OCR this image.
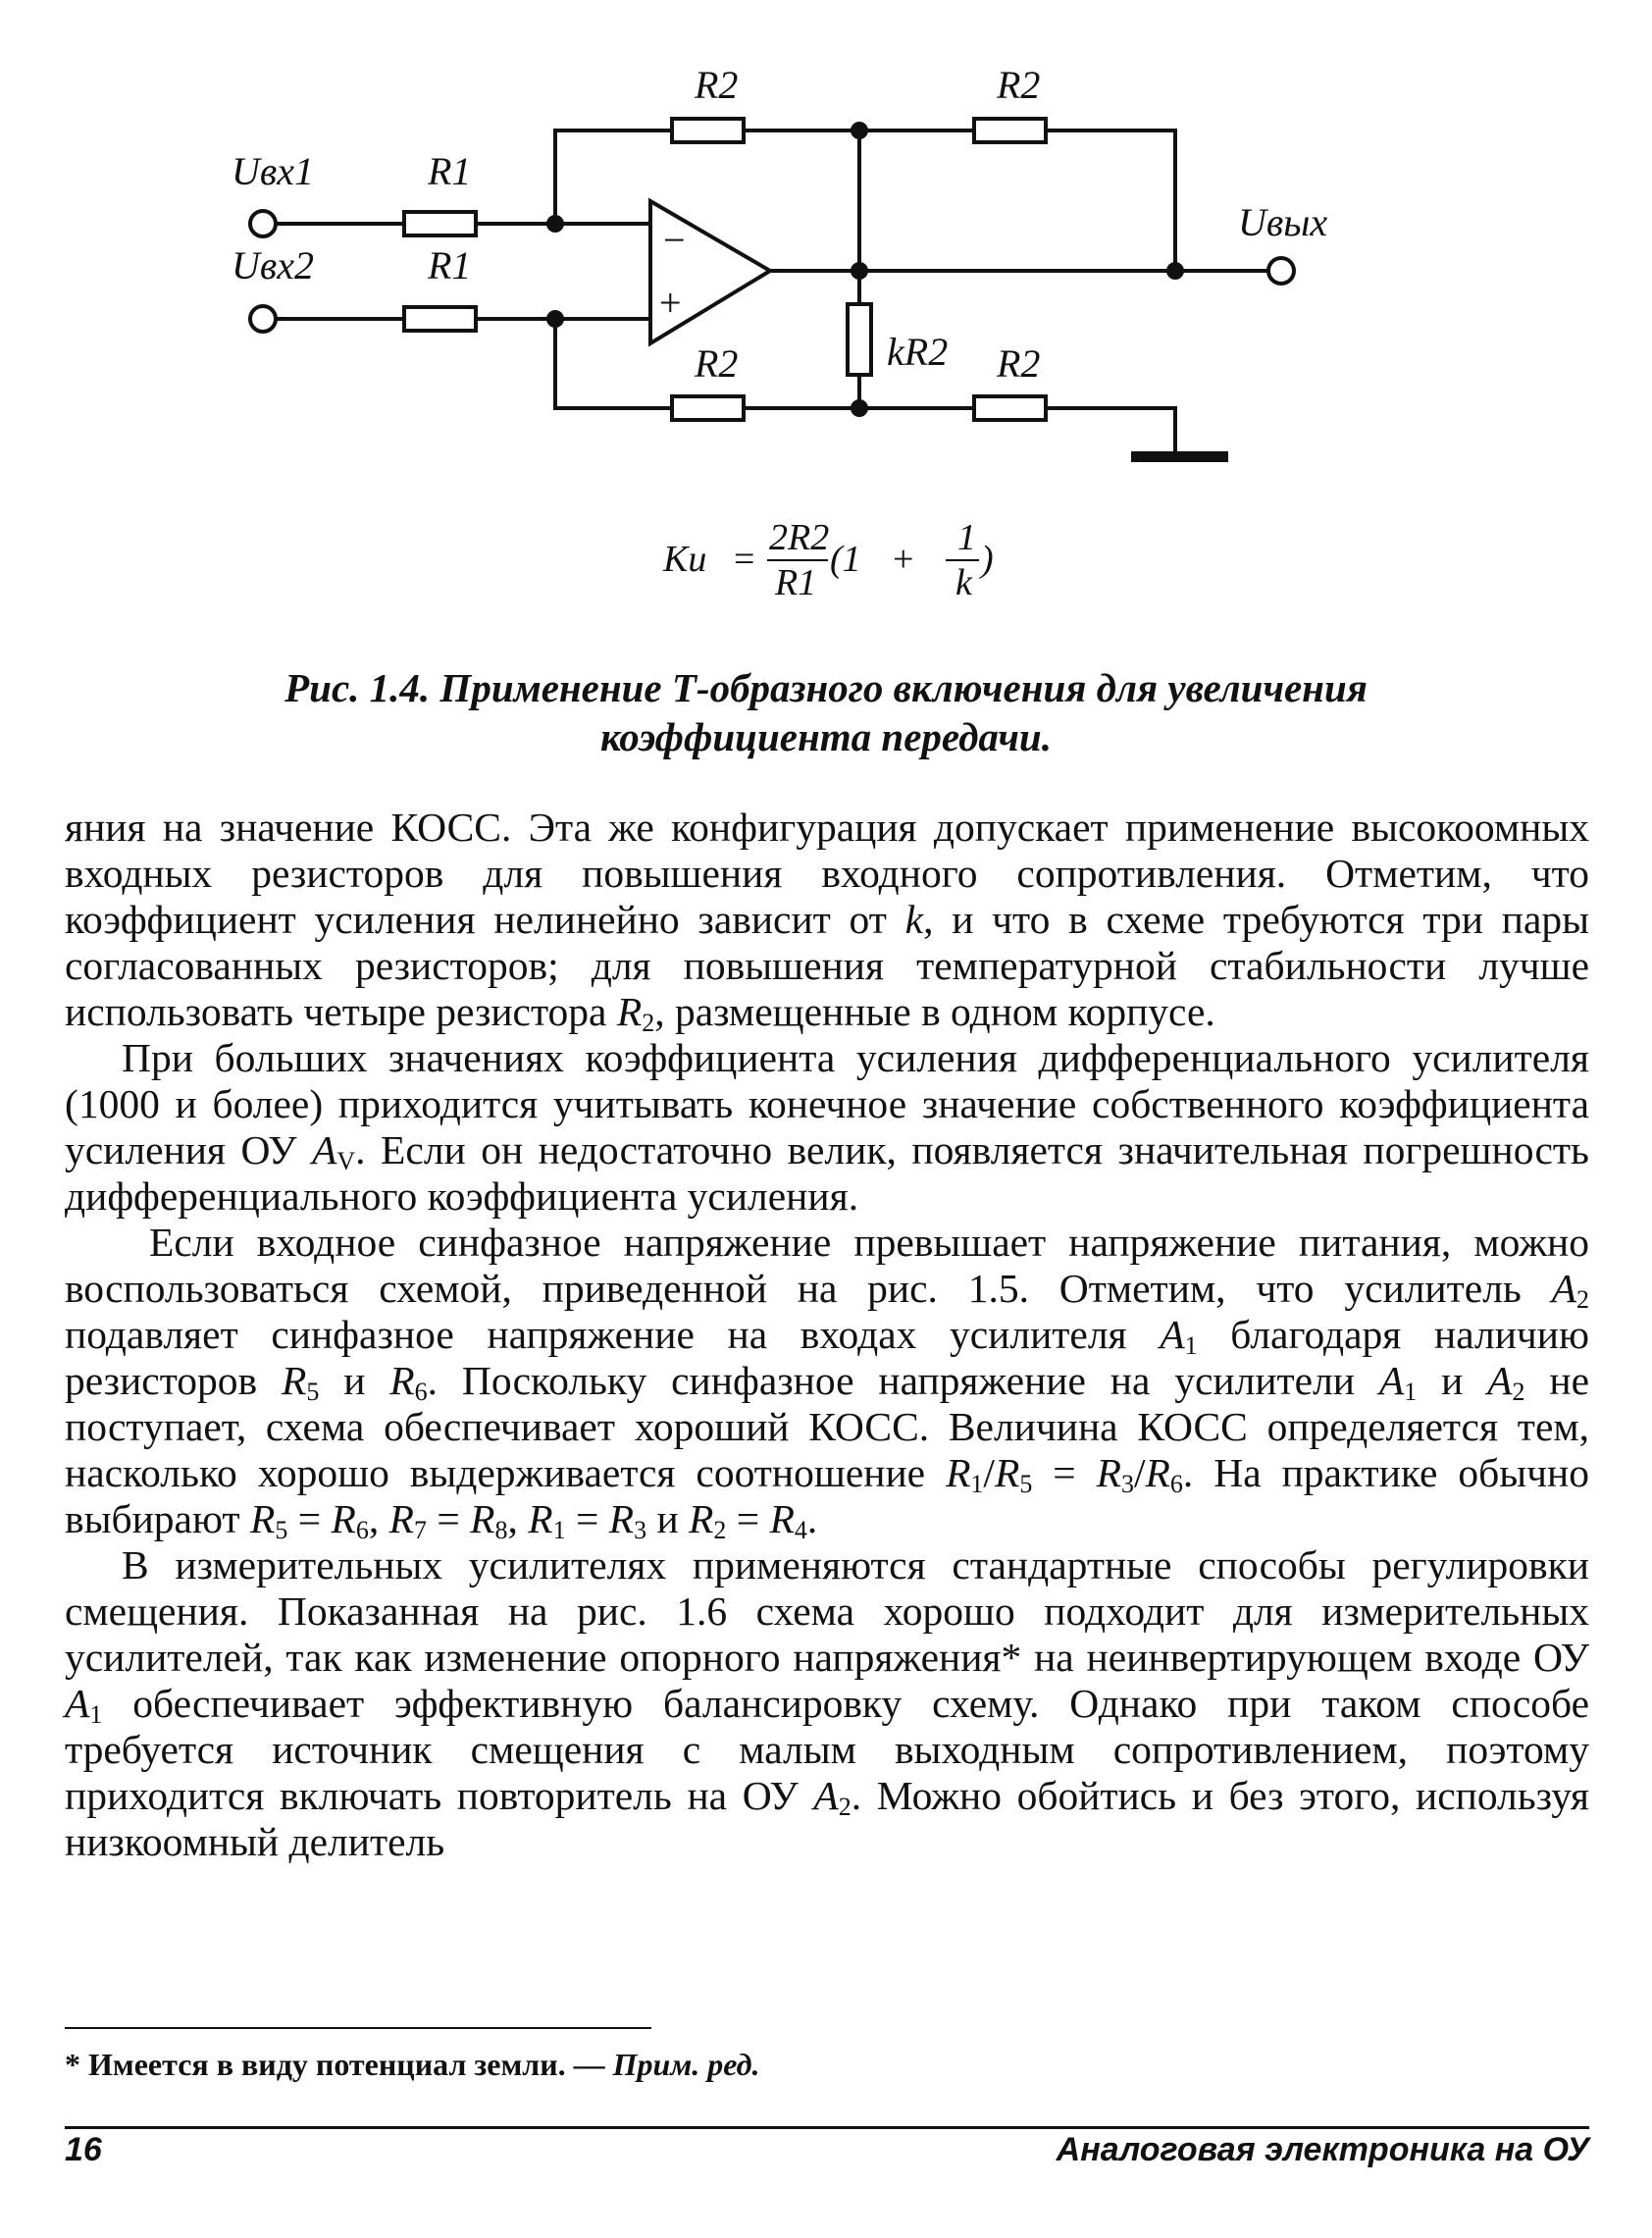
Uвx1
Uвx2
Uвых
R1
R1
R2	R2
R2	R2
kR2
−
+
Ku =
2R2
R1
(1 +
1
k
)
Рис. 1.4. Применение Т-образного включения для увеличения
коэффициента передачи.

яния на значение КОСС. Эта же конфигурация допускает применение высокоомных входных резисторов для повышения входного сопротивления. Отметим, что коэффициент усиления нелинейно зависит от k, и что в схеме требуются три пары согласованных резисторов; для повышения температурной стабильности лучше использовать четыре резистора $R_2$, размещенные в одном корпусе.

При больших значениях коэффициента усиления дифференциального усилителя (1000 и более) приходится учитывать конечное значение собственного коэффициента усиления ОУ $A_V$. Если он недостаточно велик, появляется значительная погрешность дифференциального коэффициента усиления.

Если входное синфазное напряжение превышает напряжение питания, можно воспользоваться схемой, приведенной на рис. 1.5. Отметим, что усилитель $A_2$ подавляет синфазное напряжение на входах усилителя $A_1$ благодаря наличию резисторов $R_5$ и $R_6$. Поскольку синфазное напряжение на усилители $A_1$ и $A_2$ не поступает, схема обеспечивает хороший КОСС. Величина КОСС определяется тем, насколько хорошо выдерживается соотношение $R_1/R_5 = R_3/R_6$. На практике обычно выбирают $R_5 = R_6$, $R_7 = R_8$, $R_1 = R_3$ и $R_2 = R_4$.

В измерительных усилителях применяются стандартные способы регулировки смещения. Показанная на рис. 1.6 схема хорошо подходит для измерительных усилителей, так как изменение опорного напряжения* на неинвертирующем входе ОУ $A_1$ обеспечивает эффективную балансировку схему. Однако при таком способе требуется источник смещения с малым выходным сопротивлением, поэтому приходится включать повторитель на ОУ $A_2$. Можно обойтись и без этого, используя низкоомный делитель

* Имеется в виду потенциал земли. — Прим. ред.
16	Аналоговая электроника на ОУ
